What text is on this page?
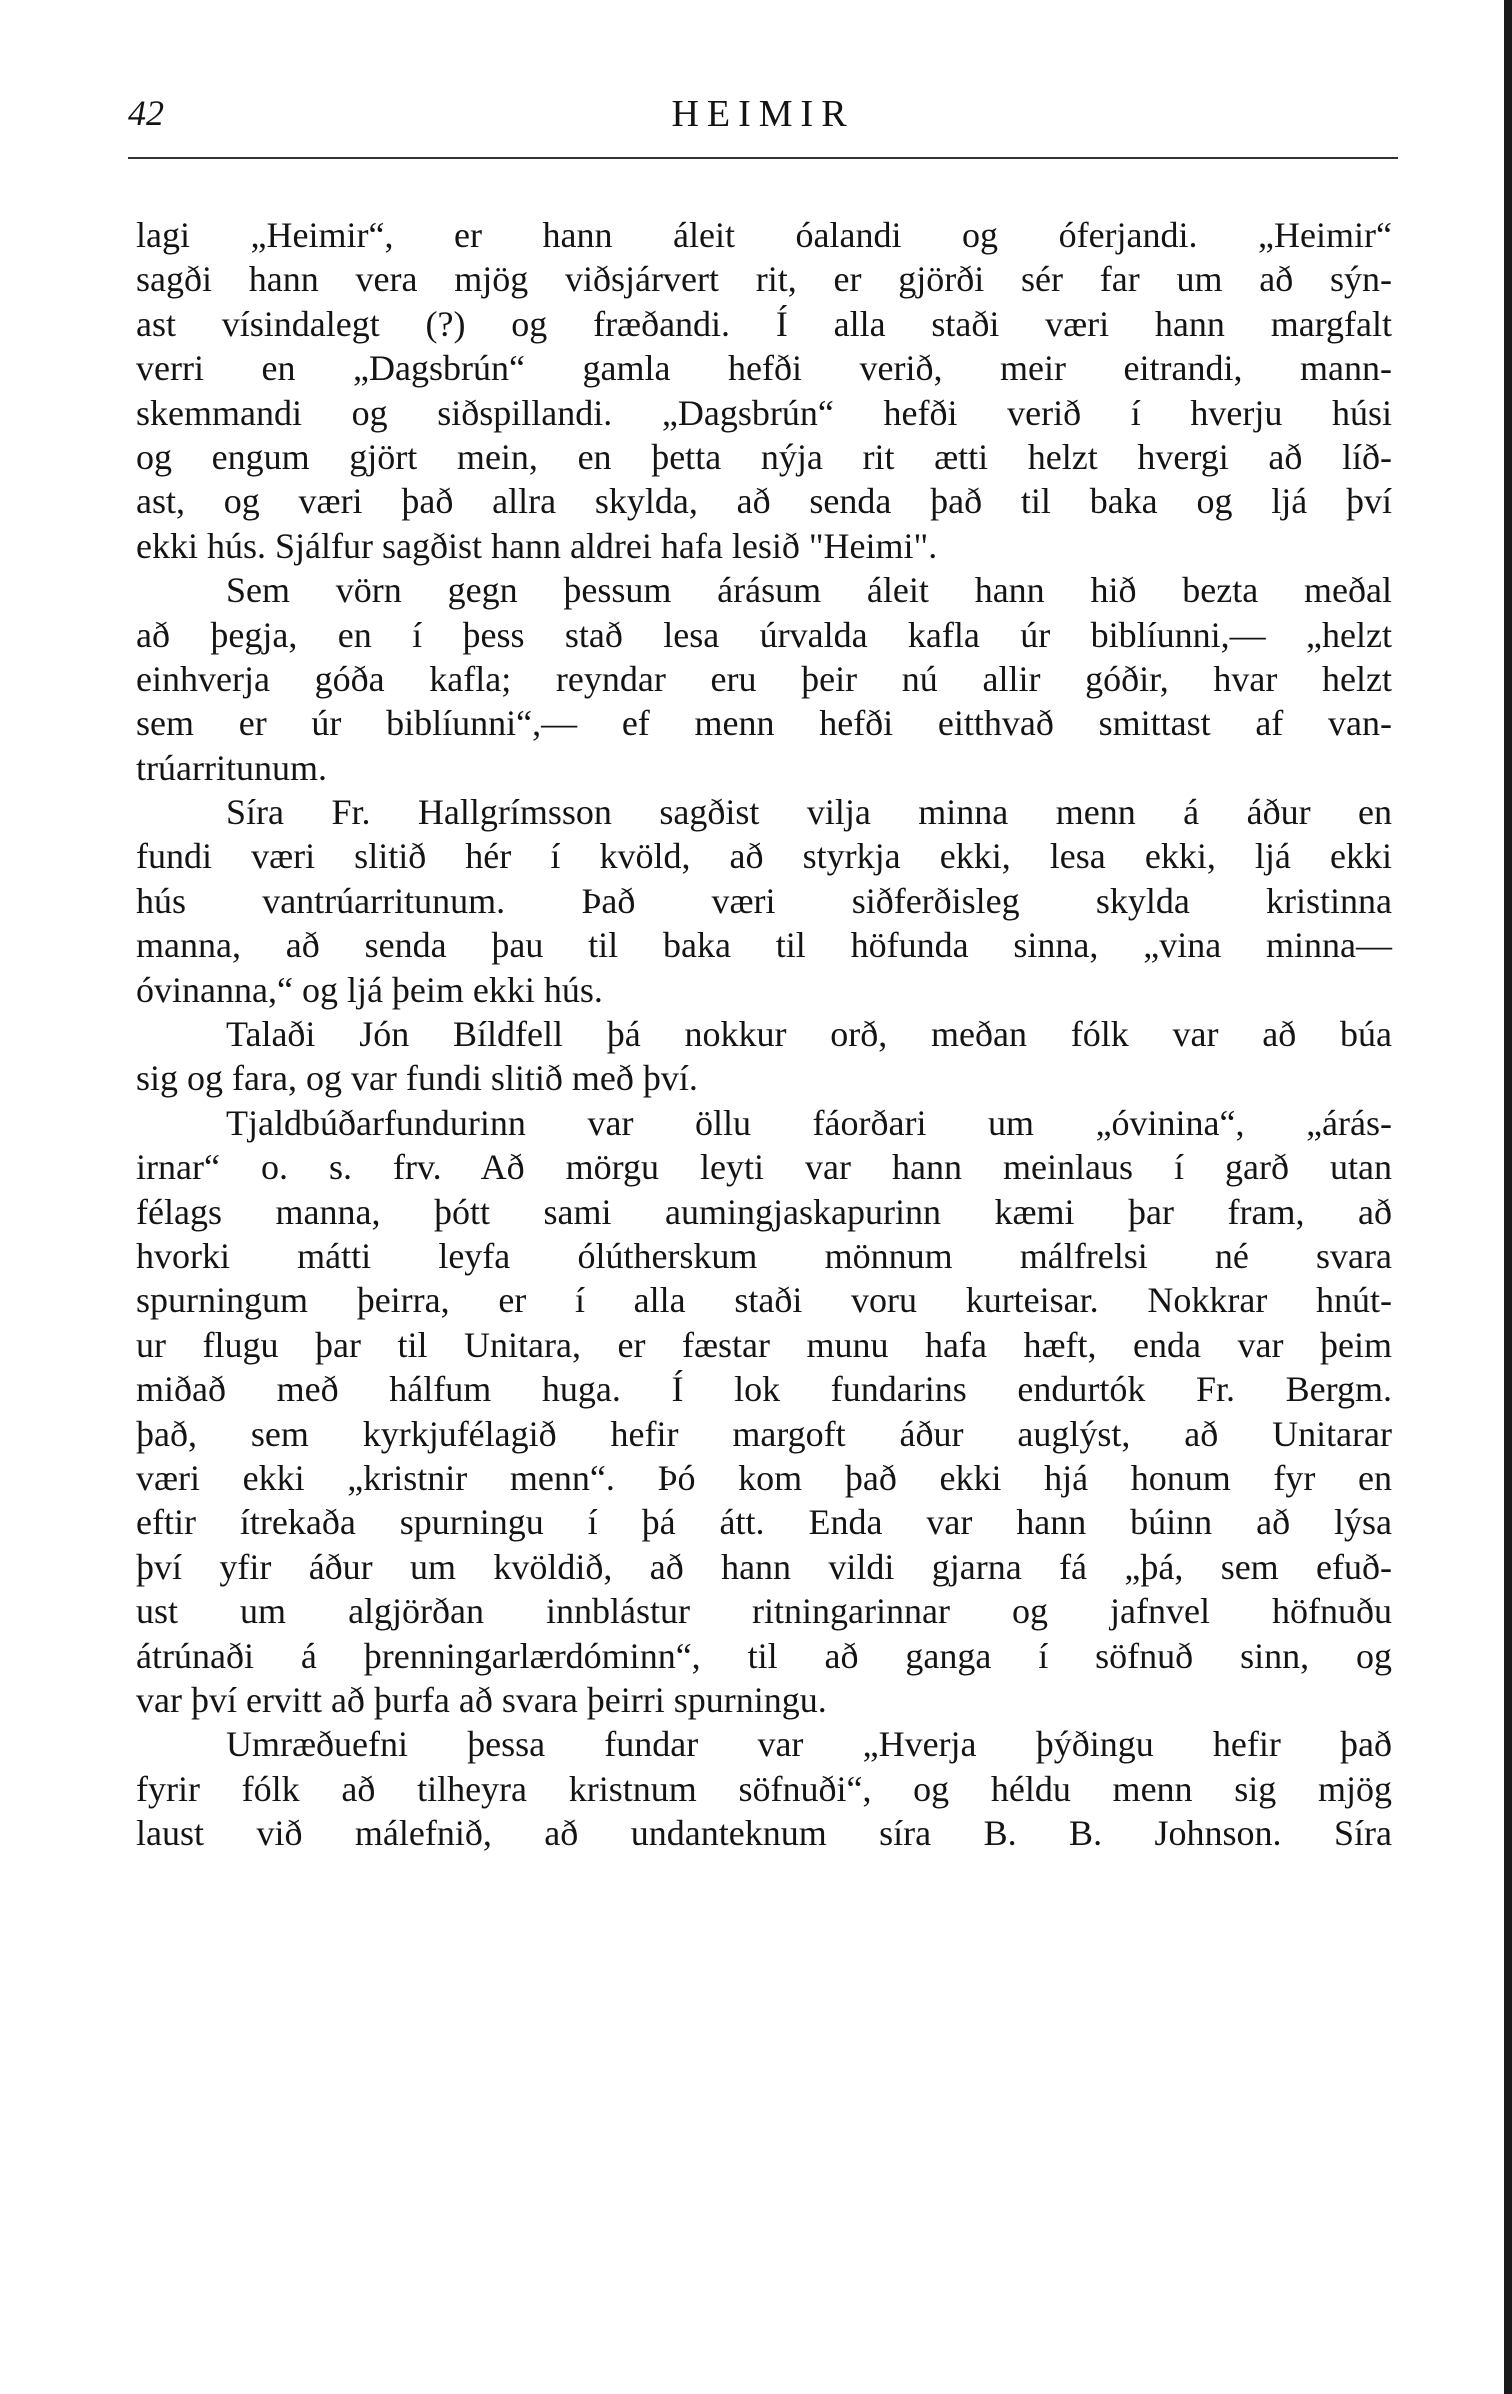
42	HEIMIR
lagi „Heimir“, er hann áleit óalandi og óferjandi. „Heimir“
sagði hann vera mjög viðsjárvert rit, er gjörði sér far um að sýn-
ast vísindalegt (?) og fræðandi. Í alla staði væri hann margfalt
verri en „Dagsbrún“ gamla hefði verið, meir eitrandi, mann-
skemmandi og siðspillandi. „Dagsbrún“ hefði verið í hverju húsi
og engum gjört mein, en þetta nýja rit ætti helzt hvergi að líð-
ast, og væri það allra skylda, að senda það til baka og ljá því
ekki hús. Sjálfur sagðist hann aldrei hafa lesið "Heimi".
Sem vörn gegn þessum árásum áleit hann hið bezta meðal
að þegja, en í þess stað lesa úrvalda kafla úr biblíunni,— „helzt
einhverja góða kafla; reyndar eru þeir nú allir góðir, hvar helzt
sem er úr biblíunni“,— ef menn hefði eitthvað smittast af van-
trúarritunum.
Síra Fr. Hallgrímsson sagðist vilja minna menn á áður en
fundi væri slitið hér í kvöld, að styrkja ekki, lesa ekki, ljá ekki
hús vantrúarritunum. Það væri siðferðisleg skylda kristinna
manna, að senda þau til baka til höfunda sinna, „vina minna—
óvinanna,“ og ljá þeim ekki hús.
Talaði Jón Bíldfell þá nokkur orð, meðan fólk var að búa
sig og fara, og var fundi slitið með því.
Tjaldbúðarfundurinn var öllu fáorðari um „óvinina“, „árás-
irnar“ o. s. frv. Að mörgu leyti var hann meinlaus í garð utan
félags manna, þótt sami aumingjaskapurinn kæmi þar fram, að
hvorki mátti leyfa ólútherskum mönnum málfrelsi né svara
spurningum þeirra, er í alla staði voru kurteisar. Nokkrar hnút-
ur flugu þar til Unitara, er fæstar munu hafa hæft, enda var þeim
miðað með hálfum huga. Í lok fundarins endurtók Fr. Bergm.
það, sem kyrkjufélagið hefir margoft áður auglýst, að Unitarar
væri ekki „kristnir menn“. Þó kom það ekki hjá honum fyr en
eftir ítrekaða spurningu í þá átt. Enda var hann búinn að lýsa
því yfir áður um kvöldið, að hann vildi gjarna fá „þá, sem efuð-
ust um algjörðan innblástur ritningarinnar og jafnvel höfnuðu
átrúnaði á þrenningarlærdóminn“, til að ganga í söfnuð sinn, og
var því ervitt að þurfa að svara þeirri spurningu.
Umræðuefni þessa fundar var „Hverja þýðingu hefir það
fyrir fólk að tilheyra kristnum söfnuði“, og héldu menn sig mjög
laust við málefnið, að undanteknum síra B. B. Johnson. Síra
